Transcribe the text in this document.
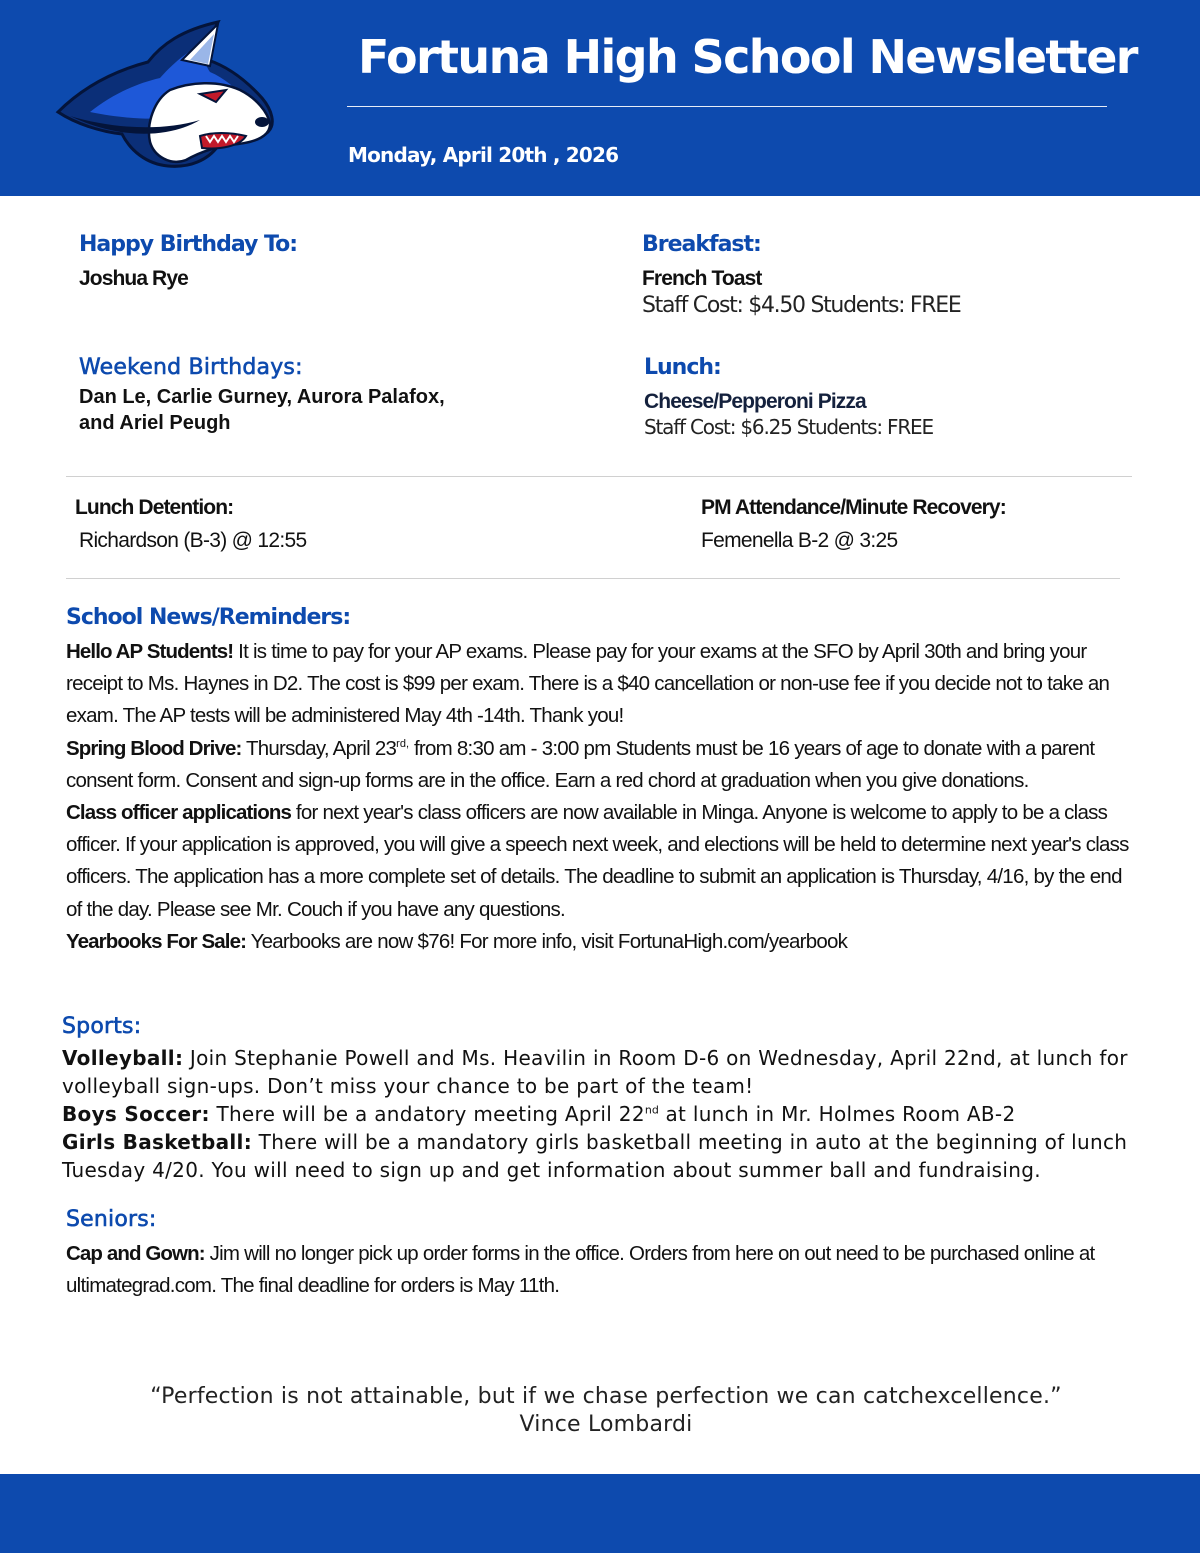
Fortuna High School Newsletter
Monday, April 20th , 2026
Happy Birthday To:
Joshua Rye
Weekend Birthdays:
Dan Le, Carlie Gurney, Aurora Palafox,
and Ariel Peugh
Breakfast:
French Toast
Staff Cost: $4.50 Students: FREE
Lunch:
Cheese/Pepperoni Pizza
Staff Cost: $6.25 Students: FREE
Lunch Detention:
Richardson (B-3) @ 12:55
PM Attendance/Minute Recovery:
Femenella B-2 @ 3:25
School News/Reminders:

Hello AP Students! It is time to pay for your AP exams. Please pay for your exams at the SFO by April 30th and bring your receipt to Ms. Haynes in D2. The cost is $99 per exam. There is a $40 cancellation or non-use fee if you decide not to take an exam. The AP tests will be administered May 4th -14th. Thank you!

Spring Blood Drive: Thursday, April $23^{rd,}$ from 8:30 am - 3:00 pm Students must be 16 years of age to donate with a parent consent form. Consent and sign-up forms are in the office. Earn a red chord at graduation when you give donations.

Class officer applications for next year's class officers are now available in Minga. Anyone is welcome to apply to be a class officer. If your application is approved, you will give a speech next week, and elections will be held to determine next year's class officers. The application has a more complete set of details. The deadline to submit an application is Thursday, 4/16, by the end of the day. Please see Mr. Couch if you have any questions.

Yearbooks For Sale: Yearbooks are now $76! For more info, visit FortunaHigh.com/yearbook

Sports:

Volleyball: Join Stephanie Powell and Ms. Heavilin in Room D-6 on Wednesday, April 22nd, at lunch for volleyball sign-ups. Don’t miss your chance to be part of the team!

Boys Soccer: There will be a andatory meeting April 22nd at lunch in Mr. Holmes Room AB-2

Girls Basketball: There will be a mandatory girls basketball meeting in auto at the beginning of lunch Tuesday 4/20. You will need to sign up and get information about summer ball and fundraising.

Seniors:

Cap and Gown: Jim will no longer pick up order forms in the office. Orders from here on out need to be purchased online at ultimategrad.com. The final deadline for orders is May 11th.

“Perfection is not attainable, but if we chase perfection we can catchexcellence.”
Vince Lombardi
